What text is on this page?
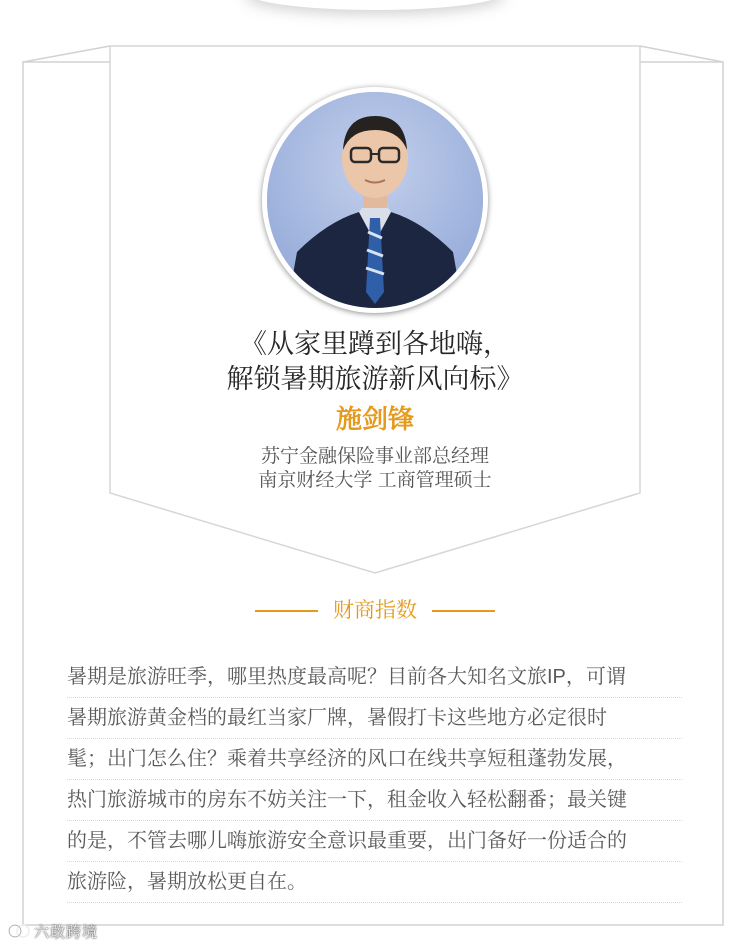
《从家里蹲到各地嗨，
解锁暑期旅游新风向标》
施剑锋
苏宁金融保险事业部总经理
南京财经大学 工商管理硕士
财商指数
暑期是旅游旺季，哪里热度最高呢？目前各大知名文旅IP，可谓
暑期旅游黄金档的最红当家厂牌，暑假打卡这些地方必定很时
髦；出门怎么住？乘着共享经济的风口在线共享短租蓬勃发展，
热门旅游城市的房东不妨关注一下，租金收入轻松翻番；最关键
的是，不管去哪儿嗨旅游安全意识最重要，出门备好一份适合的
旅游险，暑期放松更自在。
六敢跨境
